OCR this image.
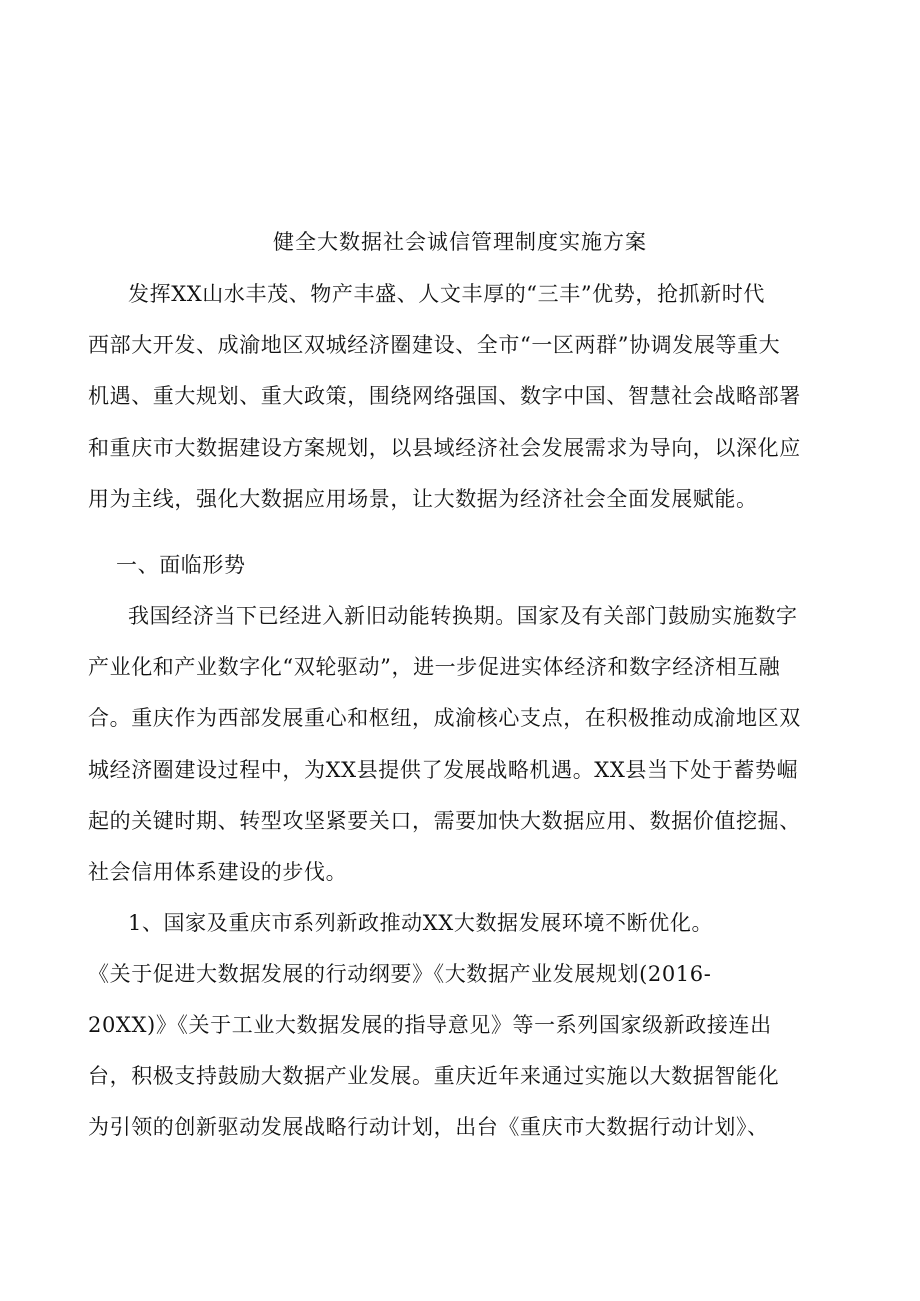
健全大数据社会诚信管理制度实施方案
发挥XX山水丰茂、物产丰盛、人文丰厚的“三丰”优势，抢抓新时代
西部大开发、成渝地区双城经济圈建设、全市“一区两群”协调发展等重大
机遇、重大规划、重大政策，围绕网络强国、数字中国、智慧社会战略部署
和重庆市大数据建设方案规划，以县域经济社会发展需求为导向，以深化应
用为主线，强化大数据应用场景，让大数据为经济社会全面发展赋能。
一、面临形势
我国经济当下已经进入新旧动能转换期。国家及有关部门鼓励实施数字
产业化和产业数字化“双轮驱动”，进一步促进实体经济和数字经济相互融
合。重庆作为西部发展重心和枢纽，成渝核心支点，在积极推动成渝地区双
城经济圈建设过程中，为XX县提供了发展战略机遇。XX县当下处于蓄势崛
起的关键时期、转型攻坚紧要关口，需要加快大数据应用、数据价值挖掘、
社会信用体系建设的步伐。
1、国家及重庆市系列新政推动XX大数据发展环境不断优化。
《关于促进大数据发展的行动纲要》《大数据产业发展规划(2016-
20XX)》《关于工业大数据发展的指导意见》等一系列国家级新政接连出
台，积极支持鼓励大数据产业发展。重庆近年来通过实施以大数据智能化
为引领的创新驱动发展战略行动计划，出台《重庆市大数据行动计划》、
